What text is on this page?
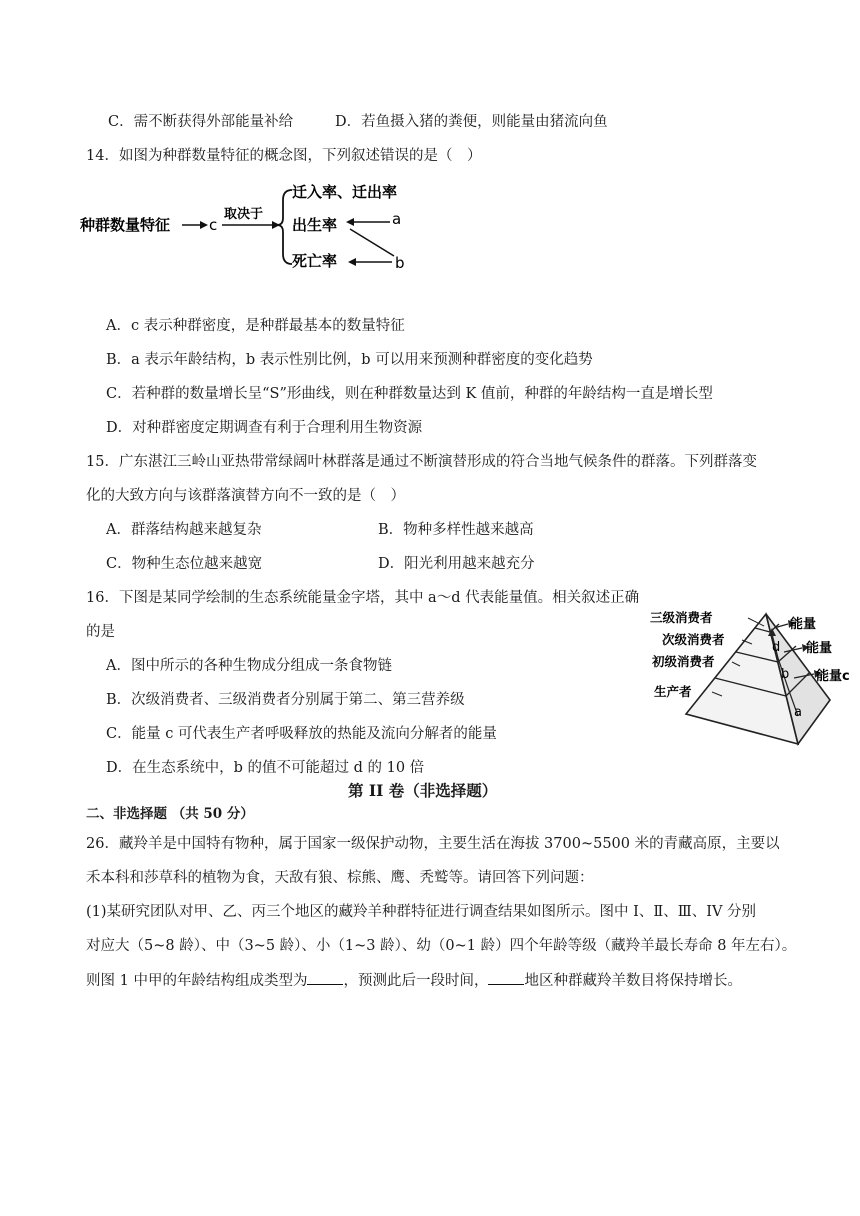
C．需不断获得外部能量补给	D．若鱼摄入猪的粪便，则能量由猪流向鱼
14．如图为种群数量特征的概念图，下列叙述错误的是（　）
种群数量特征	c
取决于
迁入率、迁出率
出生率
死亡率
a
b
A．c 表示种群密度，是种群最基本的数量特征
B．a 表示年龄结构，b 表示性别比例，b 可以用来预测种群密度的变化趋势
C．若种群的数量增长呈“S”形曲线，则在种群数量达到 K 值前，种群的年龄结构一直是增长型
D．对种群密度定期调查有利于合理利用生物资源
15．广东湛江三岭山亚热带常绿阔叶林群落是通过不断演替形成的符合当地气候条件的群落。下列群落变
化的大致方向与该群落演替方向不一致的是（　）
A．群落结构越来越复杂	B．物种多样性越来越高
C．物种生态位越来越宽	D．阳光利用越来越充分
16．下图是某同学绘制的生态系统能量金字塔，其中 a～d 代表能量值。相关叙述正确
的是
A．图中所示的各种生物成分组成一条食物链
B．次级消费者、三级消费者分别属于第二、第三营养级
C．能量 c 可代表生产者呼吸释放的热能及流向分解者的能量
D．在生态系统中，b 的值不可能超过 d 的 10 倍
三级消费者
次级消费者
初级消费者
生产者
能量
能量
能量c
d
b
a
第 II 卷（非选择题）
二、非选择题 （共 50 分）
26．藏羚羊是中国特有物种，属于国家一级保护动物，主要生活在海拔 3700~5500 米的青藏高原，主要以
禾本科和莎草科的植物为食，天敌有狼、棕熊、鹰、秃鹫等。请回答下列问题：
(1)某研究团队对甲、乙、丙三个地区的藏羚羊种群特征进行调查结果如图所示。图中 I、Ⅱ、Ⅲ、IV 分别
对应大（5~8 龄）、中（3~5 龄）、小（1~3 龄）、幼（0~1 龄）四个年龄等级（藏羚羊最长寿命 8 年左右）。
则图 1 中甲的年龄结构组成类型为 ，预测此后一段时间， 地区种群藏羚羊数目将保持增长。
